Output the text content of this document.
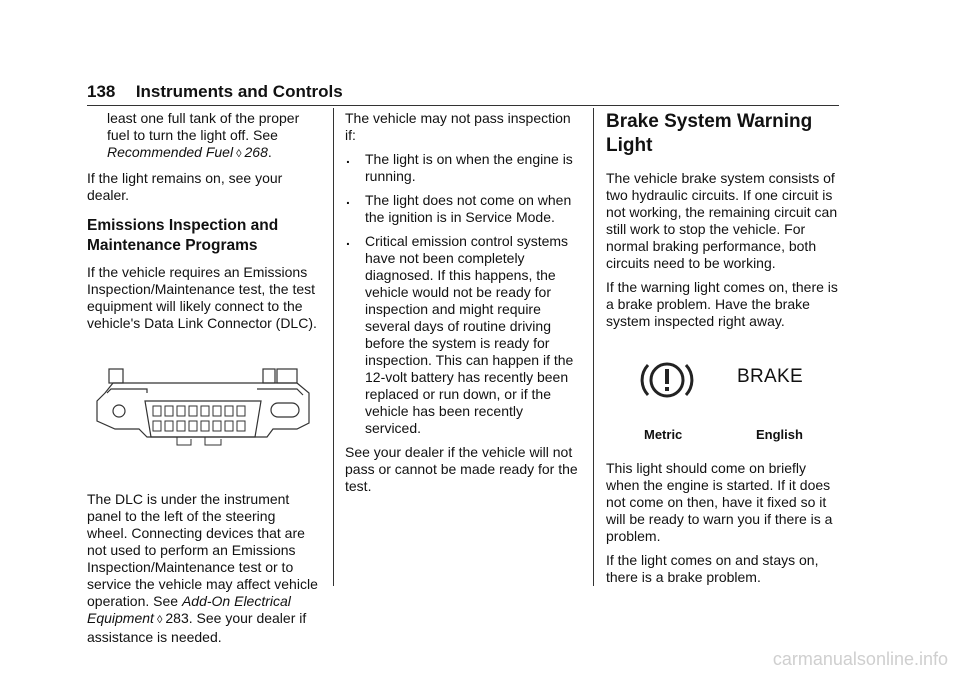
138 Instruments and Controls

least one full tank of the proper fuel to turn the light off. See Recommended Fuel ◊ 268.

If the light remains on, see your dealer.

Emissions Inspection and Maintenance Programs

If the vehicle requires an Emissions Inspection/Maintenance test, the test equipment will likely connect to the vehicle's Data Link Connector (DLC).

The DLC is under the instrument panel to the left of the steering wheel. Connecting devices that are not used to perform an Emissions Inspection/Maintenance test or to service the vehicle may affect vehicle operation. See Add-On Electrical Equipment ◊ 283. See your dealer if assistance is needed.

The vehicle may not pass inspection if:

. The light is on when the engine is running.
. The light does not come on when the ignition is in Service Mode.
. Critical emission control systems have not been completely diagnosed. If this happens, the vehicle would not be ready for inspection and might require several days of routine driving before the system is ready for inspection. This can happen if the 12-volt battery has recently been replaced or run down, or if the vehicle has been recently serviced.

See your dealer if the vehicle will not pass or cannot be made ready for the test.

Brake System Warning Light

The vehicle brake system consists of two hydraulic circuits. If one circuit is not working, the remaining circuit can still work to stop the vehicle. For normal braking performance, both circuits need to be working.

If the warning light comes on, there is a brake problem. Have the brake system inspected right away.

BRAKE
Metric	English

This light should come on briefly when the engine is started. If it does not come on then, have it fixed so it will be ready to warn you if there is a problem.

If the light comes on and stays on, there is a brake problem.

carmanualsonline.info
